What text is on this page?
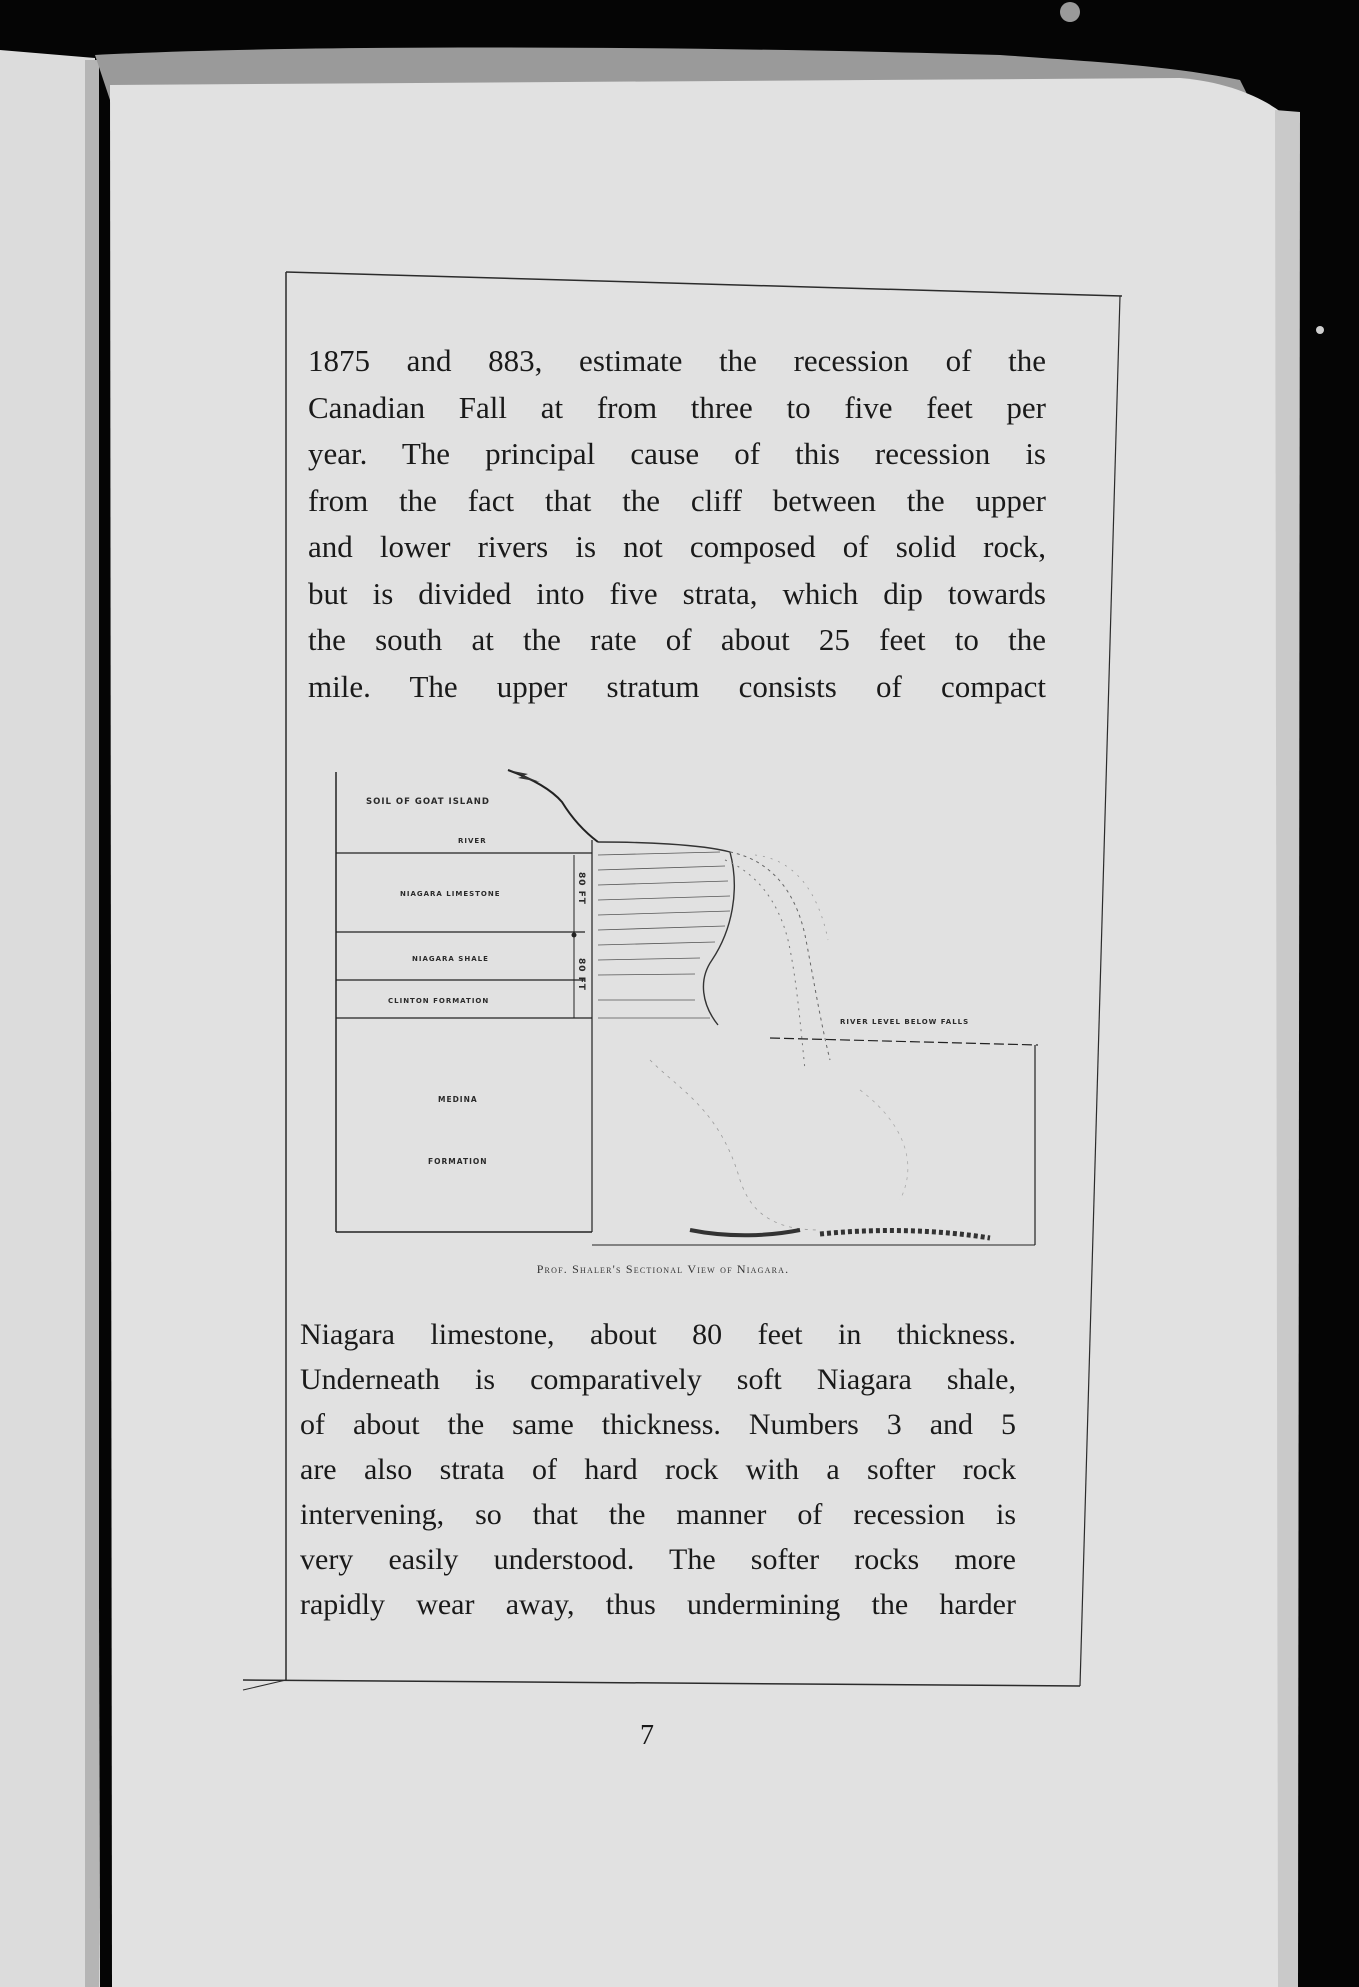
1875 and 883, estimate the recession of the
Canadian Fall at from three to five feet per
year. The principal cause of this recession is
from the fact that the cliff between the upper
and lower rivers is not composed of solid rock,
but is divided into five strata, which dip towards
the south at the rate of about 25 feet to the
mile. The upper stratum consists of compact
SOIL OF GOAT ISLAND
RIVER
NIAGARA LIMESTONE
NIAGARA SHALE
CLINTON FORMATION
MEDINA
FORMATION
RIVER LEVEL BELOW FALLS
80 FT
80 FT
Prof. Shaler's Sectional View of Niagara.
Niagara limestone, about 80 feet in thickness.
Underneath is comparatively soft Niagara shale,
of about the same thickness. Numbers 3 and 5
are also strata of hard rock with a softer rock
intervening, so that the manner of recession is
very easily understood. The softer rocks more
rapidly wear away, thus undermining the harder
7
